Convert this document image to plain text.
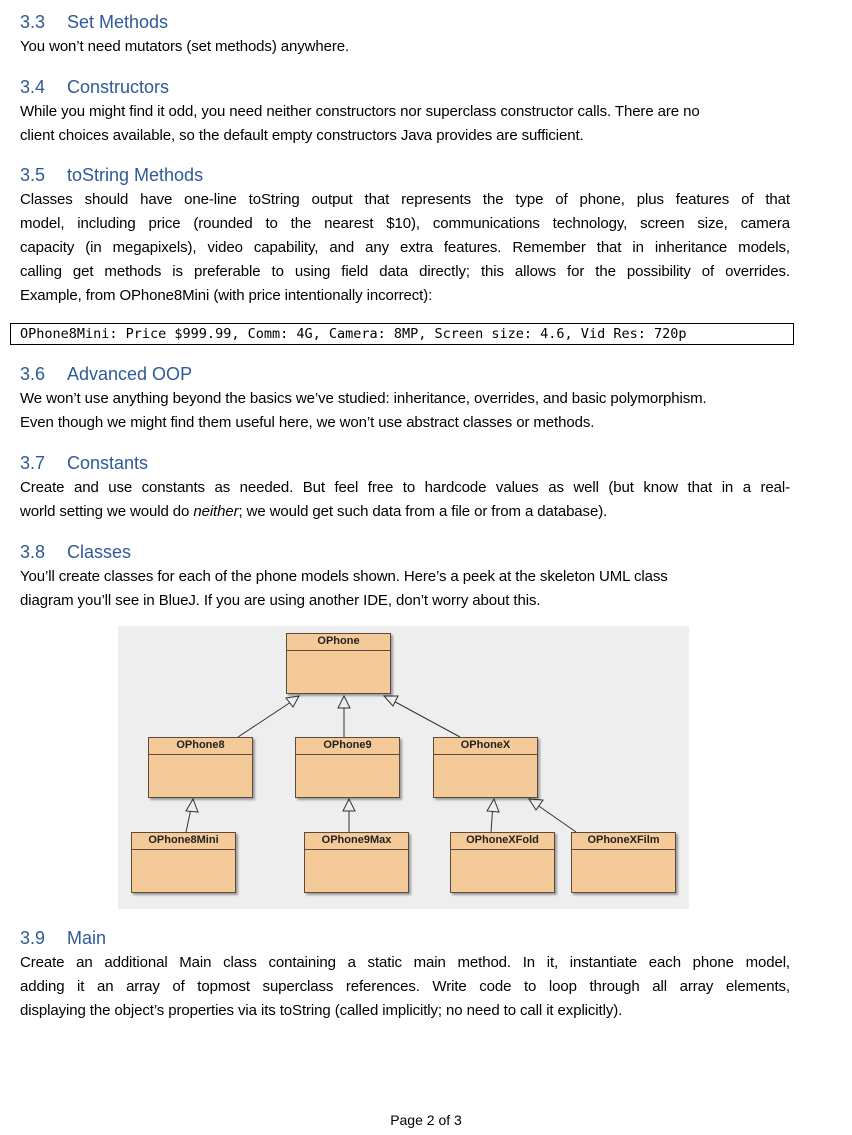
3.3 Set Methods
You won’t need mutators (set methods) anywhere.
3.4 Constructors
While you might find it odd, you need neither constructors nor superclass constructor calls. There are no
client choices available, so the default empty constructors Java provides are sufficient.
3.5 toString Methods
Classes should have one-line toString output that represents the type of phone, plus features of that
model, including price (rounded to the nearest $10), communications technology, screen size, camera
capacity (in megapixels), video capability, and any extra features. Remember that in inheritance models,
calling get methods is preferable to using field data directly; this allows for the possibility of overrides.
Example, from OPhone8Mini (with price intentionally incorrect):
OPhone8Mini: Price $999.99, Comm: 4G, Camera: 8MP, Screen size: 4.6, Vid Res: 720p
3.6 Advanced OOP
We won’t use anything beyond the basics we’ve studied: inheritance, overrides, and basic polymorphism.
Even though we might find them useful here, we won’t use abstract classes or methods.
3.7 Constants
Create and use constants as needed. But feel free to hardcode values as well (but know that in a real-
world setting we would do neither; we would get such data from a file or from a database).
3.8 Classes
You’ll create classes for each of the phone models shown. Here’s a peek at the skeleton UML class
diagram you’ll see in BlueJ. If you are using another IDE, don’t worry about this.
OPhone
OPhone8	OPhone9	OPhoneX
OPhone8Mini	OPhone9Max	OPhoneXFold	OPhoneXFilm
3.9 Main
Create an additional Main class containing a static main method. In it, instantiate each phone model,
adding it an array of topmost superclass references. Write code to loop through all array elements,
displaying the object’s properties via its toString (called implicitly; no need to call it explicitly).
Page 2 of 3
